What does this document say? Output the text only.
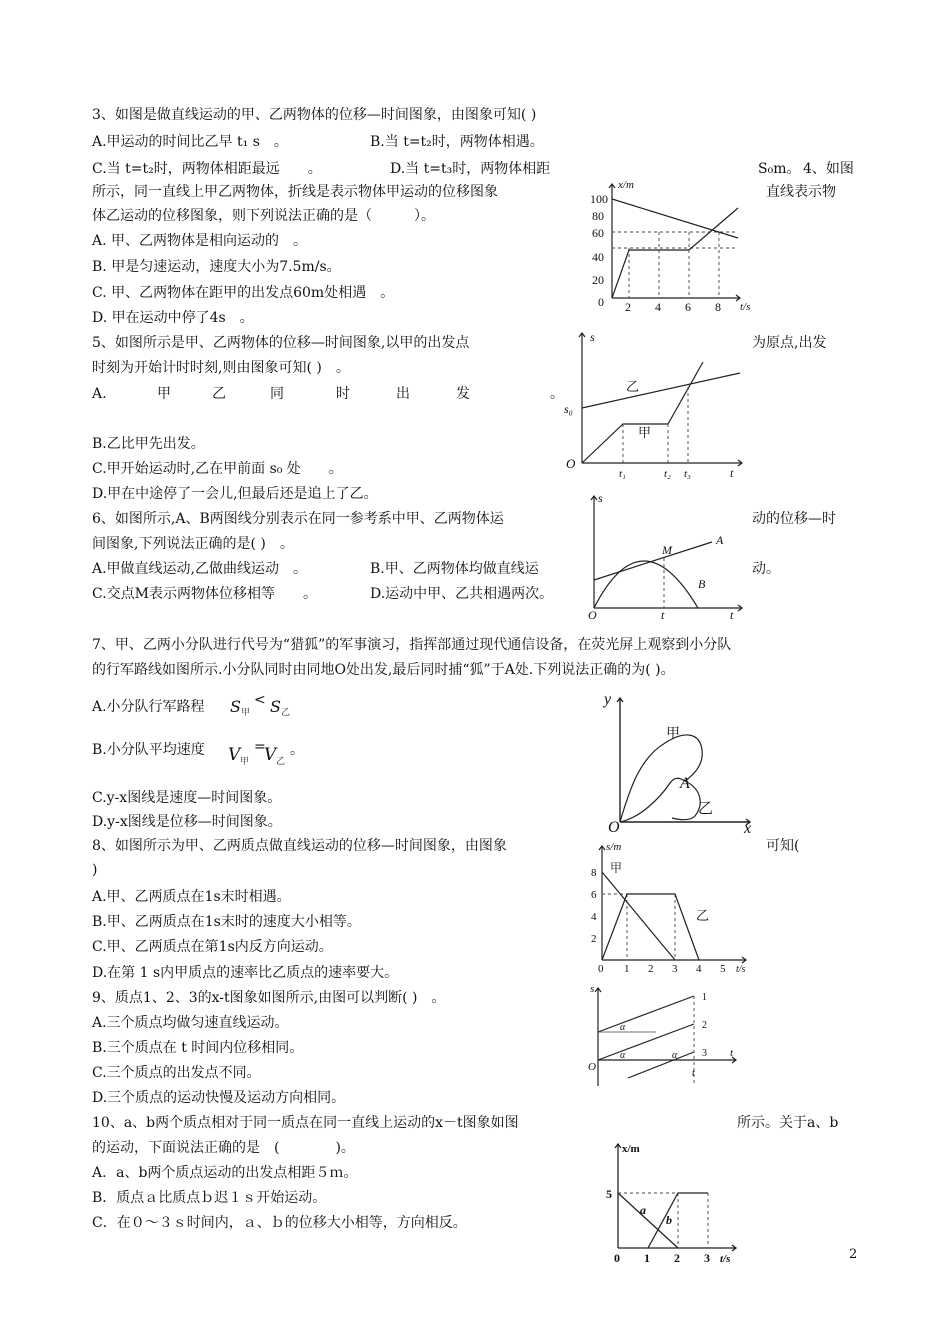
3、如图是做直线运动的甲、乙两物体的位移—时间图象，由图象可知( )
A.甲运动的时间比乙早 t₁ s　。	B.当 t=t₂时，两物体相遇。
C.当 t=t₂时，两物体相距最远　　。	D.当 t=t₃时，两物体相距	S₀m。 4、如图
所示，同一直线上甲乙两物体，折线是表示物体甲运动的位移图象	直线表示物
体乙运动的位移图象，则下列说法正确的是（　　　）。
A. 甲、乙两物体是相向运动的　。
B. 甲是匀速运动，速度大小为7.5m/s。
C. 甲、乙两物体在距甲的出发点60m处相遇　。
D. 甲在运动中停了4s　。
x/m
100
80
60
40
20
0 2 4 6 8 t/s
5、如图所示是甲、乙两物体的位移—时间图象,以甲的出发点	为原点,出发
时刻为开始计时时刻,则由图象可知( )　。
A.	甲	乙	同	时	出	发	。
B.乙比甲先出发。
C.甲开始运动时,乙在甲前面 s₀ 处　　。
D.甲在中途停了一会儿,但最后还是追上了乙。
s
s₀
O
乙
甲
t₁	t₂ t₃	t
6、如图所示,A、B两图线分别表示在同一参考系中甲、乙两物体运	动的位移—时
间图象,下列说法正确的是( )　。
A.甲做直线运动,乙做曲线运动　。	B.甲、乙两物体均做直线运	动。
C.交点M表示两物体位移相等　　。	D.运动中甲、乙共相遇两次。
s
M
A
B
O	t	t
7、甲、乙两小分队进行代号为“猎狐”的军事演习，指挥部通过现代通信设备，在荧光屏上观察到小分队
的行军路线如图所示.小分队同时由同地O处出发,最后同时捕“狐”于A处.下列说法正确的为( )。
A.小分队行军路程 S 甲
< S 乙
B.小分队平均速度 V 甲
=
V 乙
。
C.y-x图线是速度—时间图象。
D.y-x图线是位移—时间图象。
y
甲
A
乙
O	x
8、如图所示为甲、乙两质点做直线运动的位移—时间图象，由图象	可知(
)
A.甲、乙两质点在1s末时相遇。
B.甲、乙两质点在1s末时的速度大小相等。
C.甲、乙两质点在第1s内反方向运动。
D.在第 1 s内甲质点的速率比乙质点的速率要大。
s/m
甲
乙
8
6
4
2
0 1 2 3 4 5 t/s
9、质点1、2、3的x-t图象如图所示,由图可以判断( )　。
A.三个质点均做匀速直线运动。
B.三个质点在 t 时间内位移相同。
C.三个质点的出发点不同。
D.三个质点的运动快慢及运动方向相同。
s
O
α
α	α
1
2
3 t
t
10、a、b两个质点相对于同一质点在同一直线上运动的x－t图象如图	所示。关于a、b
的运动，下面说法正确的是　(　　　　)。
A．a、b两个质点运动的出发点相距５ｍ。
B．质点ａ比质点ｂ迟１ｓ开始运动。
C．在０～３ｓ时间内，ａ、ｂ的位移大小相等，方向相反。
x/m
5
a
b
0 1 2 3 t/s	2
